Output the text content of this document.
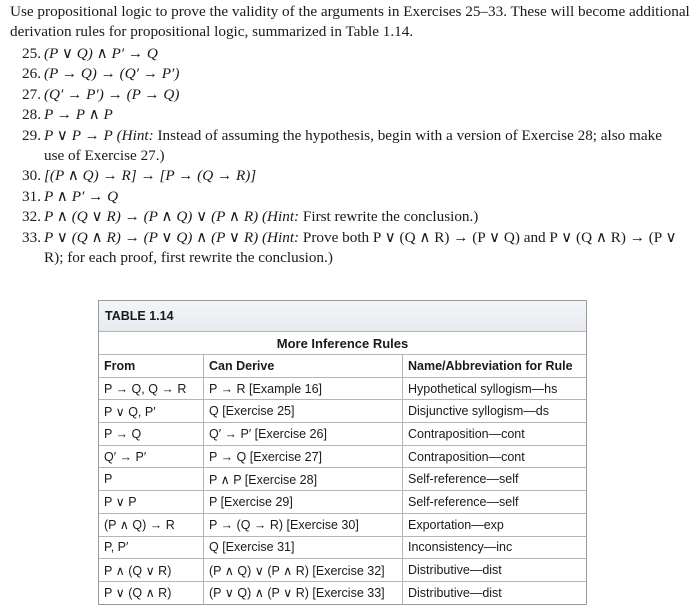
Use propositional logic to prove the validity of the arguments in Exercises 25–33. These will become additional derivation rules for propositional logic, summarized in Table 1.14.

25. (P ∨ Q) ∧ P′ → Q
26. (P → Q) → (Q′ → P′)
27. (Q′ → P′) → (P → Q)
28. P → P ∧ P
29. P ∨ P → P (Hint: Instead of assuming the hypothesis, begin with a version of Exercise 28; also make use of Exercise 27.)
30. [(P ∧ Q) → R] → [P → (Q → R)]
31. P ∧ P′ → Q
32. P ∧ (Q ∨ R) → (P ∧ Q) ∨ (P ∧ R) (Hint: First rewrite the conclusion.)
33. P ∨ (Q ∧ R) → (P ∨ Q) ∧ (P ∨ R) (Hint: Prove both P ∨ (Q ∧ R) → (P ∨ Q) and P ∨ (Q ∧ R) → (P ∨ R); for each proof, first rewrite the conclusion.)
TABLE 1.14
More Inference Rules
From	Can Derive	Name/Abbreviation for Rule
P → Q, Q → R	P → R [Example 16]	Hypothetical syllogism—hs
P ∨ Q, P′	Q [Exercise 25]	Disjunctive syllogism—ds
P → Q	Q′ → P′ [Exercise 26]	Contraposition—cont
Q′ → P′	P → Q [Exercise 27]	Contraposition—cont
P	P ∧ P [Exercise 28]	Self-reference—self
P ∨ P	P [Exercise 29]	Self-reference—self
(P ∧ Q) → R	P → (Q → R) [Exercise 30]	Exportation—exp
P, P′	Q [Exercise 31]	Inconsistency—inc
P ∧ (Q ∨ R)	(P ∧ Q) ∨ (P ∧ R) [Exercise 32]	Distributive—dist
P ∨ (Q ∧ R)	(P ∨ Q) ∧ (P ∨ R) [Exercise 33]	Distributive—dist
